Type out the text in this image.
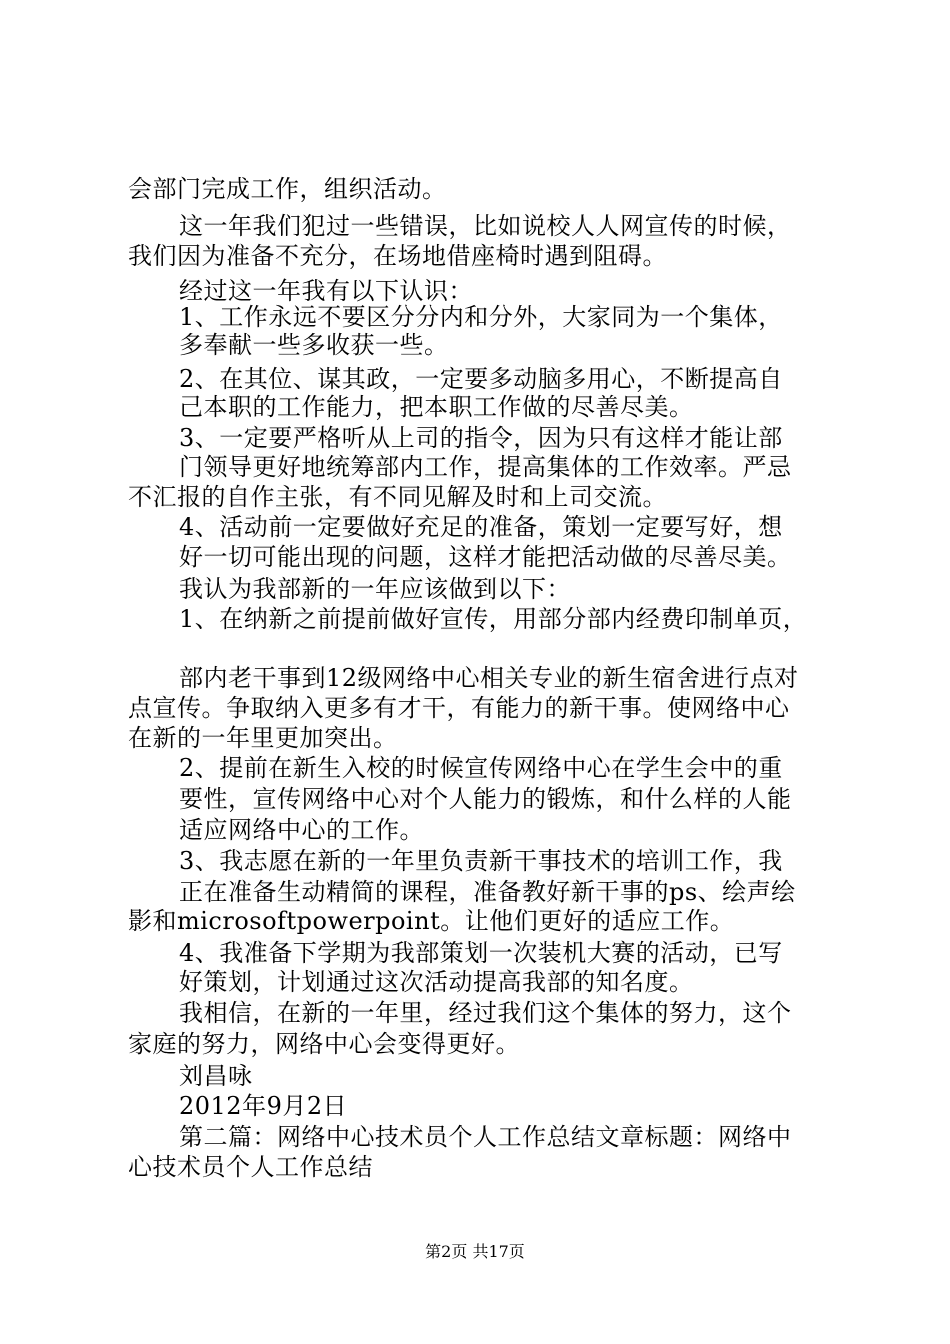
会部门完成工作，组织活动。
这一年我们犯过一些错误，比如说校人人网宣传的时候，
我们因为准备不充分，在场地借座椅时遇到阻碍。
经过这一年我有以下认识：
1、工作永远不要区分分内和分外，大家同为一个集体，
多奉献一些多收获一些。
2、在其位、谋其政，一定要多动脑多用心，不断提高自
己本职的工作能力，把本职工作做的尽善尽美。
3、一定要严格听从上司的指令，因为只有这样才能让部
门领导更好地统筹部内工作，提高集体的工作效率。严忌
不汇报的自作主张，有不同见解及时和上司交流。
4、活动前一定要做好充足的准备，策划一定要写好，想
好一切可能出现的问题，这样才能把活动做的尽善尽美。
我认为我部新的一年应该做到以下：
1、在纳新之前提前做好宣传，用部分部内经费印制单页，
部内老干事到12级网络中心相关专业的新生宿舍进行点对
点宣传。争取纳入更多有才干，有能力的新干事。使网络中心
在新的一年里更加突出。
2、提前在新生入校的时候宣传网络中心在学生会中的重
要性，宣传网络中心对个人能力的锻炼，和什么样的人能
适应网络中心的工作。
3、我志愿在新的一年里负责新干事技术的培训工作，我
正在准备生动精简的课程，准备教好新干事的ps、绘声绘
影和microsoftpowerpoint。让他们更好的适应工作。
4、我准备下学期为我部策划一次装机大赛的活动，已写
好策划，计划通过这次活动提高我部的知名度。
我相信，在新的一年里，经过我们这个集体的努力，这个
家庭的努力，网络中心会变得更好。
刘昌咏
2012年9月2日
第二篇：网络中心技术员个人工作总结文章标题：网络中
心技术员个人工作总结
第2页 共17页
